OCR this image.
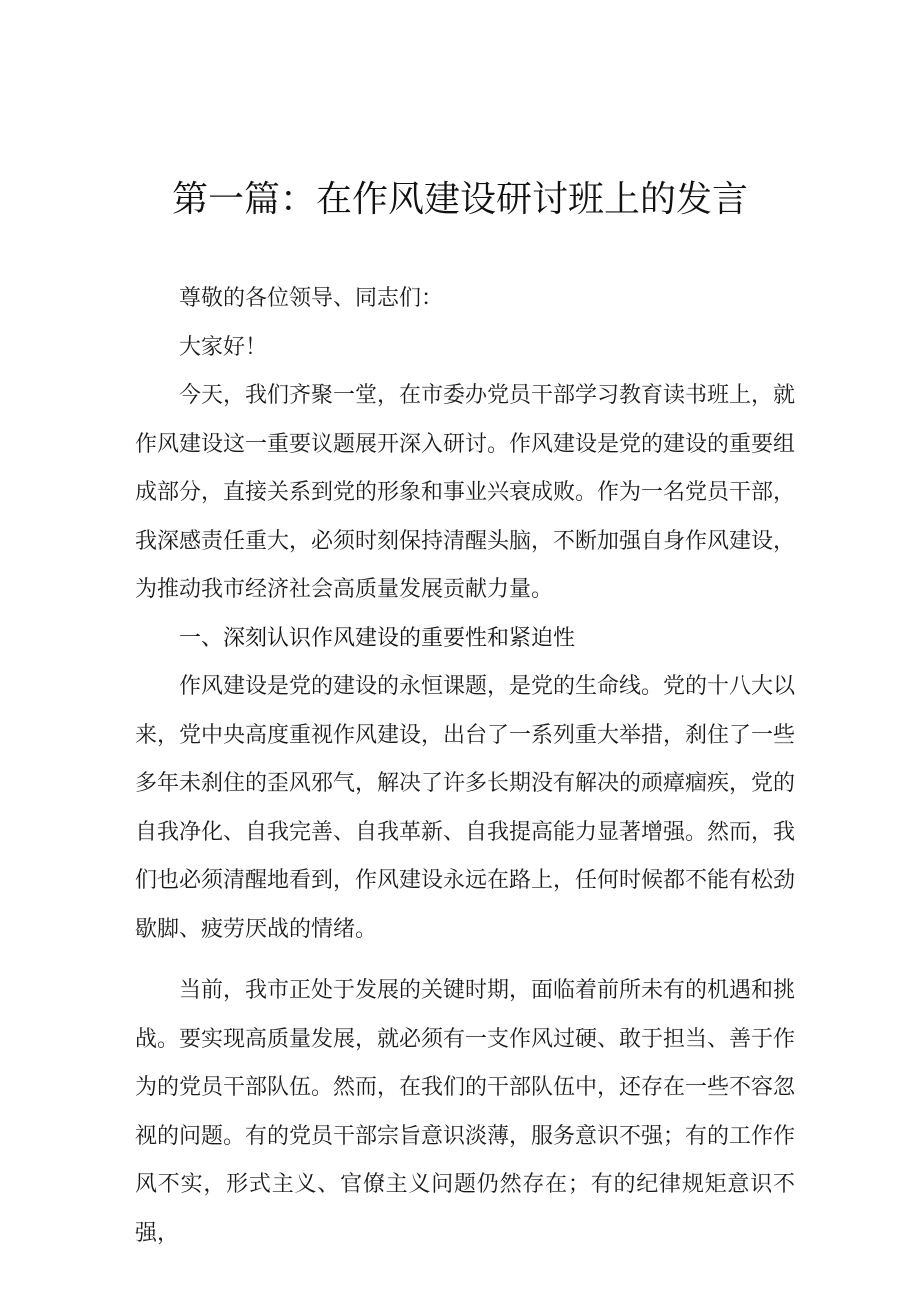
第一篇：在作风建设研讨班上的发言

尊敬的各位领导、同志们：

大家好！

今天，我们齐聚一堂，在市委办党员干部学习教育读书班上，就作风建设这一重要议题展开深入研讨。作风建设是党的建设的重要组成部分，直接关系到党的形象和事业兴衰成败。作为一名党员干部，我深感责任重大，必须时刻保持清醒头脑，不断加强自身作风建设，为推动我市经济社会高质量发展贡献力量。

一、深刻认识作风建设的重要性和紧迫性

作风建设是党的建设的永恒课题，是党的生命线。党的十八大以来，党中央高度重视作风建设，出台了一系列重大举措，刹住了一些多年未刹住的歪风邪气，解决了许多长期没有解决的顽瘴痼疾，党的自我净化、自我完善、自我革新、自我提高能力显著增强。然而，我们也必须清醒地看到，作风建设永远在路上，任何时候都不能有松劲歇脚、疲劳厌战的情绪。

当前，我市正处于发展的关键时期，面临着前所未有的机遇和挑战。要实现高质量发展，就必须有一支作风过硬、敢于担当、善于作为的党员干部队伍。然而，在我们的干部队伍中，还存在一些不容忽视的问题。有的党员干部宗旨意识淡薄，服务意识不强；有的工作作风不实，形式主义、官僚主义问题仍然存在；有的纪律规矩意识不强，
